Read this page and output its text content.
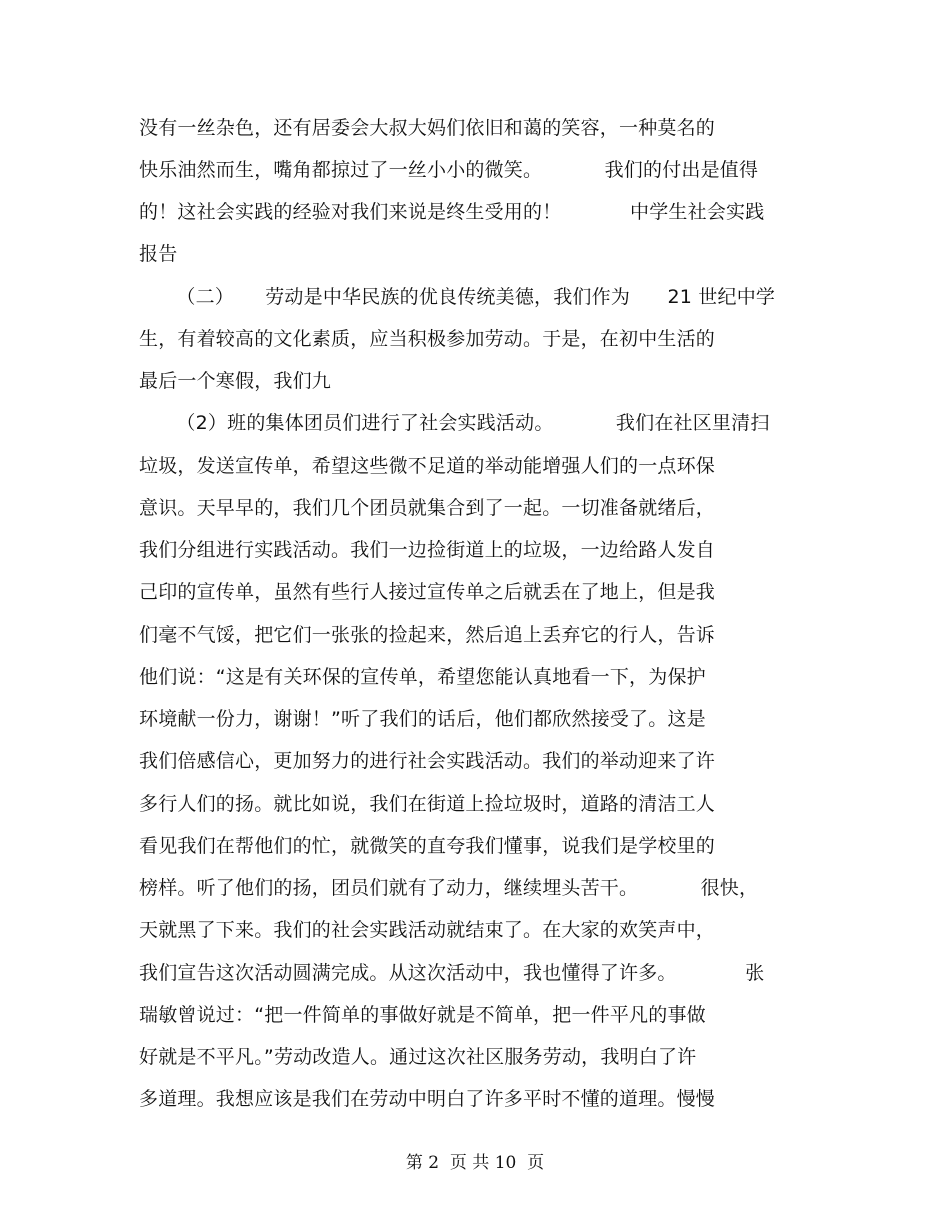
没有一丝杂色，还有居委会大叔大妈们依旧和蔼的笑容，一种莫名的
快乐油然而生，嘴角都掠过了一丝小小的微笑。          我们的付出是值得
的！这社会实践的经验对我们来说是终生受用的！           中学生社会实践
报告
（二）     劳动是中华民族的优良传统美德，我们作为      21 世纪中学
生，有着较高的文化素质，应当积极参加劳动。于是，在初中生活的
最后一个寒假，我们九
（2）班的集体团员们进行了社会实践活动。          我们在社区里清扫
垃圾，发送宣传单，希望这些微不足道的举动能增强人们的一点环保
意识。天早早的，我们几个团员就集合到了一起。一切准备就绪后，
我们分组进行实践活动。我们一边捡街道上的垃圾，一边给路人发自
己印的宣传单，虽然有些行人接过宣传单之后就丢在了地上，但是我
们毫不气馁，把它们一张张的捡起来，然后追上丢弃它的行人，告诉
他们说：“这是有关环保的宣传单，希望您能认真地看一下，为保护
环境献一份力，谢谢！”听了我们的话后，他们都欣然接受了。这是
我们倍感信心，更加努力的进行社会实践活动。我们的举动迎来了许
多行人们的扬。就比如说，我们在街道上捡垃圾时，道路的清洁工人
看见我们在帮他们的忙，就微笑的直夸我们懂事，说我们是学校里的
榜样。听了他们的扬，团员们就有了动力，继续埋头苦干。          很快，
天就黑了下来。我们的社会实践活动就结束了。在大家的欢笑声中，
我们宣告这次活动圆满完成。从这次活动中，我也懂得了许多。           张
瑞敏曾说过：“把一件简单的事做好就是不简单，把一件平凡的事做
好就是不平凡。”劳动改造人。通过这次社区服务劳动，我明白了许
多道理。我想应该是我们在劳动中明白了许多平时不懂的道理。慢慢
第 2  页 共 10  页
